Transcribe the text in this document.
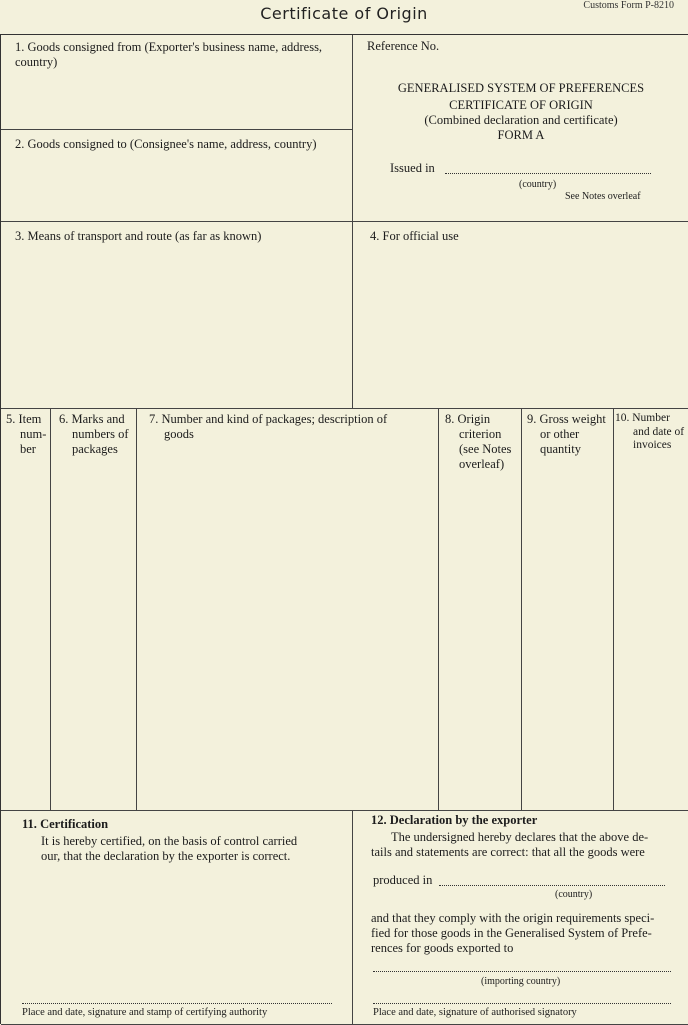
Certificate of Origin	Customs Form P-8210
1. Goods consigned from (Exporter's business name, address, country)
2. Goods consigned to (Consignee's name, address, country)
Reference No.
GENERALISED SYSTEM OF PREFERENCES
CERTIFICATE OF ORIGIN
(Combined declaration and certificate)
FORM A
Issued in
(country)
See Notes overleaf
3. Means of transport and route (as far as known)	4. For official use
5. Item
num-
ber
6. Marks and
numbers of
packages
7. Number and kind of packages; description of
goods
8. Origin
criterion
(see Notes
overleaf)
9. Gross weight
or other
quantity
10. Number
and date of
invoices
11. Certification
It is hereby certified, on the basis of control carried
our, that the declaration by the exporter is correct.
Place and date, signature and stamp of certifying authority
12. Declaration by the exporter
The undersigned hereby declares that the above de-
tails and statements are correct: that all the goods were
produced in
(country)
and that they comply with the origin requirements speci-
fied for those goods in the Generalised System of Prefe-
rences for goods exported to
(importing country)
Place and date, signature of authorised signatory
